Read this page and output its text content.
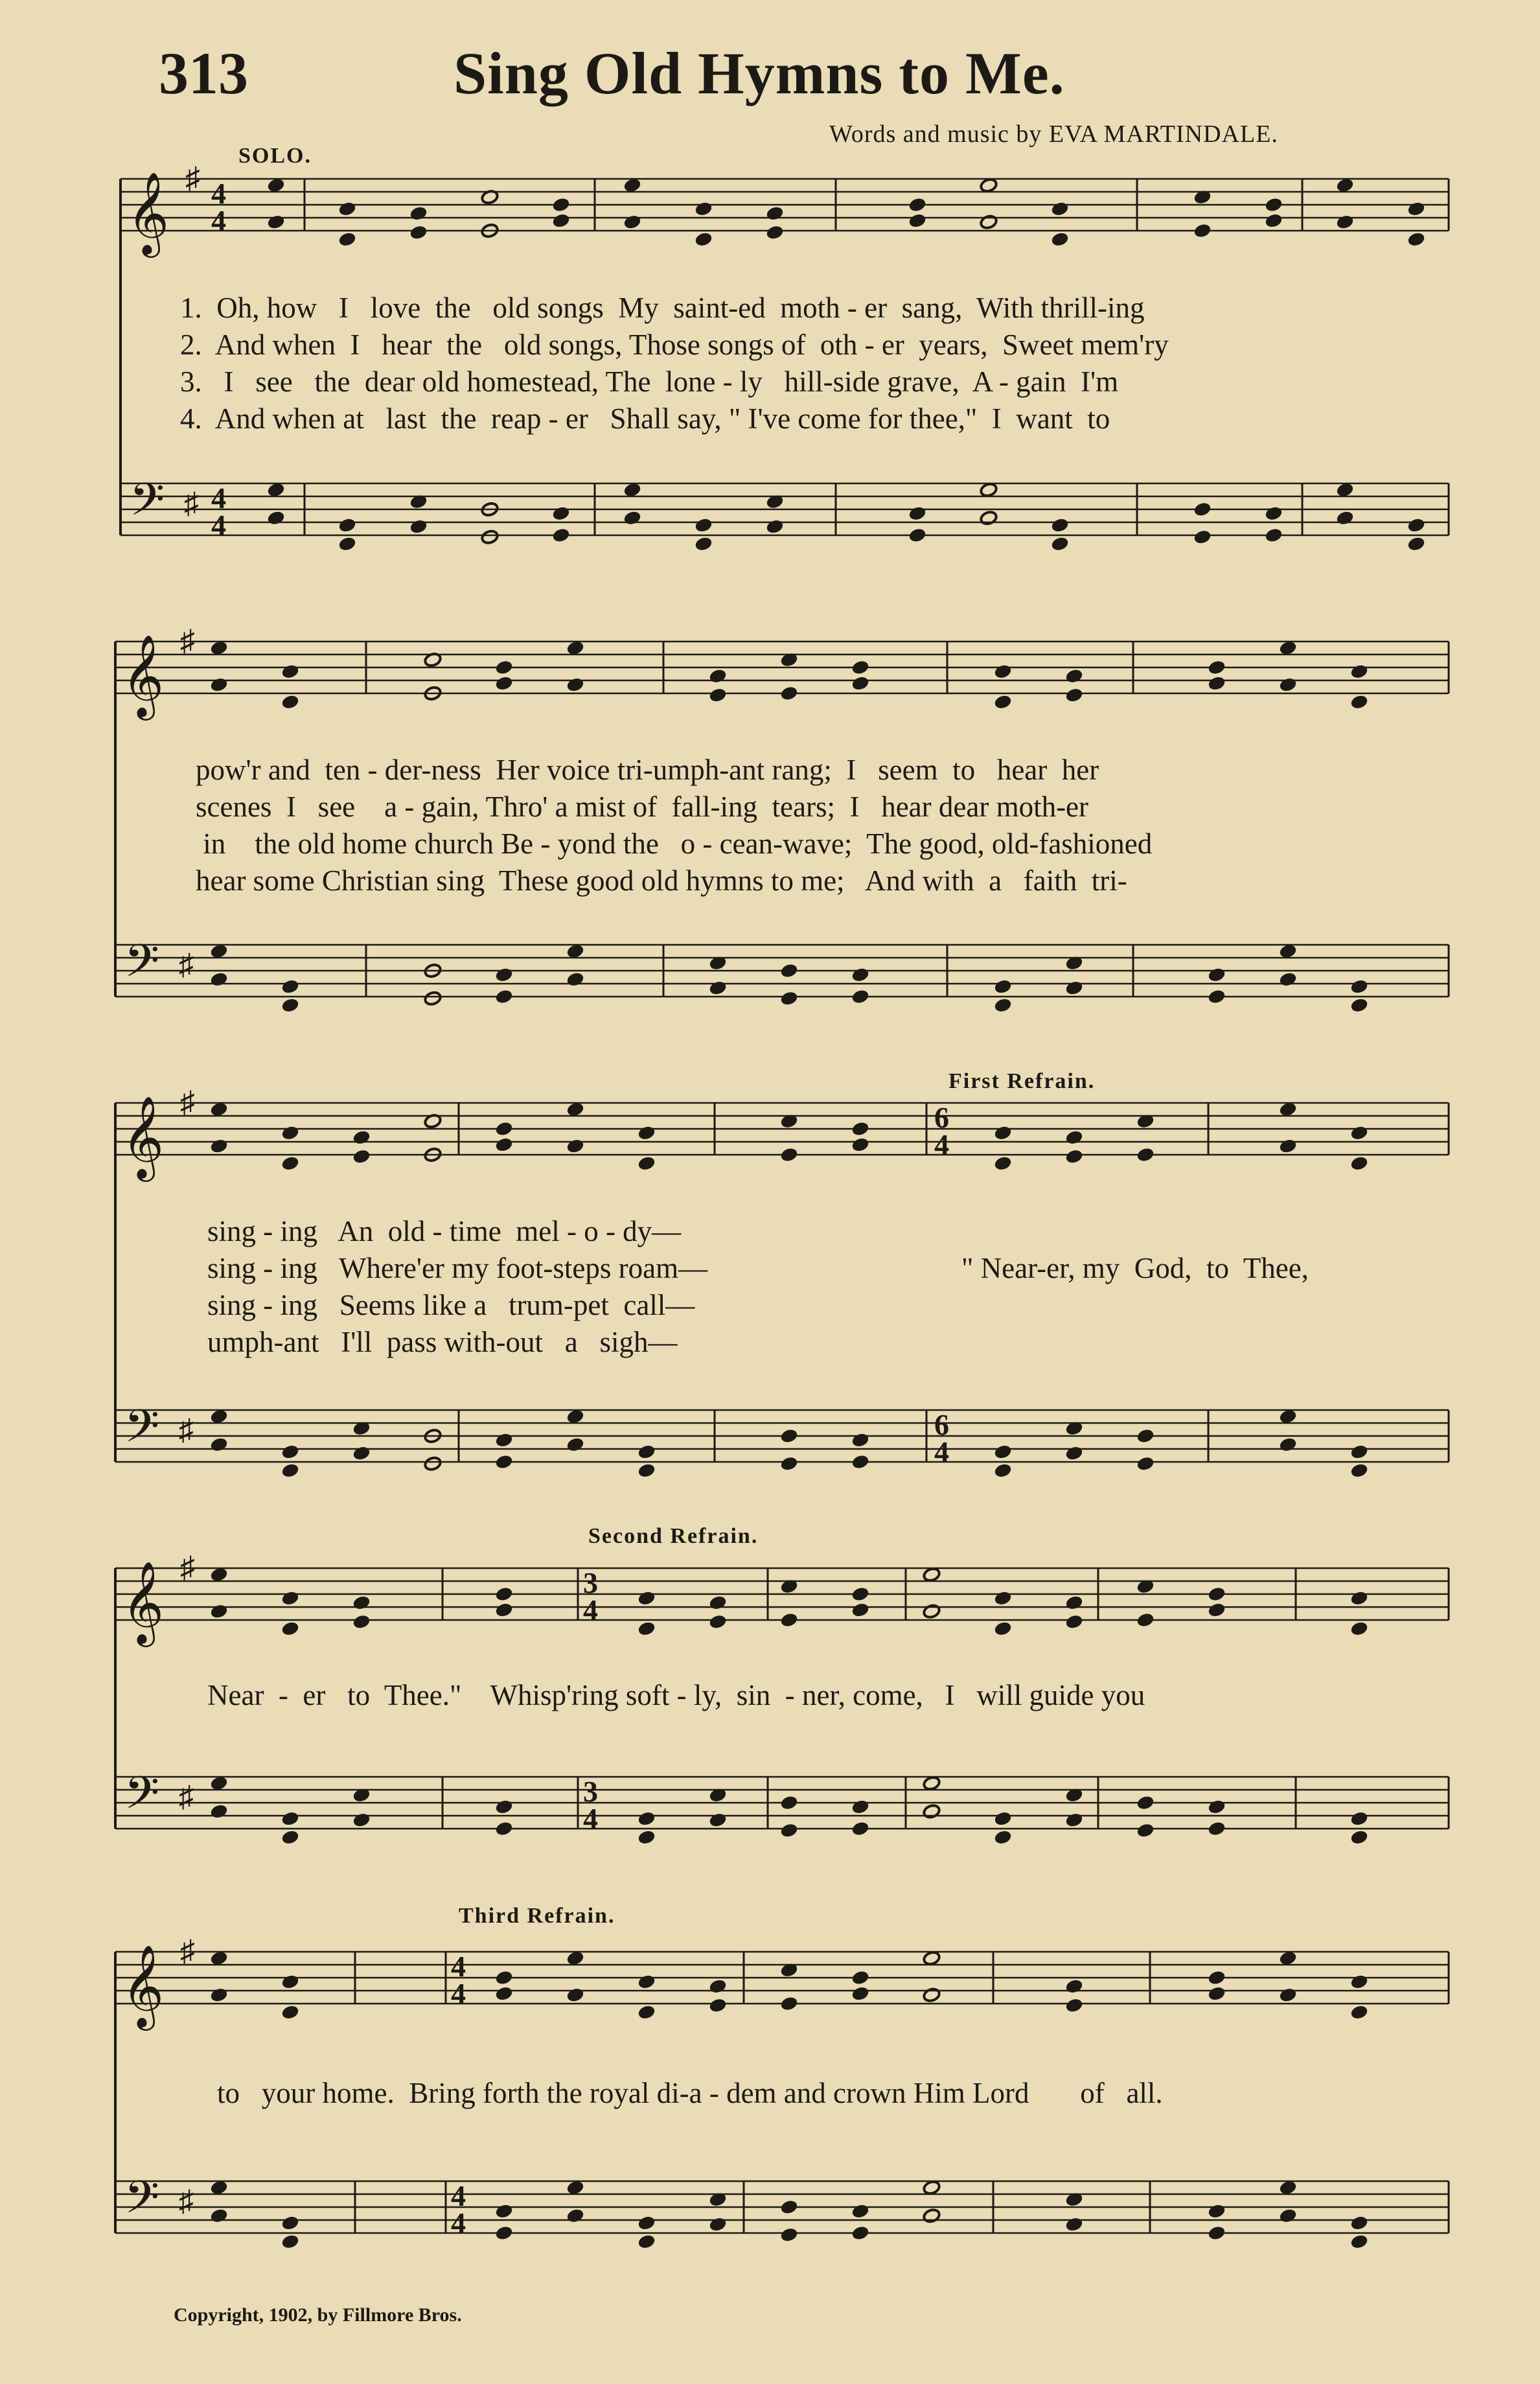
313	Sing Old Hymns to Me.
Words and music by EVA MARTINDALE.
𝄞
𝄢
♯
♯
4
4
4
4
𝄞
𝄢
♯
♯
𝄞
𝄢
♯
♯
6
4
6
4
𝄞
𝄢
♯
♯
3
4
3
4
𝄞
𝄢
♯
♯
4
4
4
4
SOLO.
First Refrain.
Second Refrain.
Third Refrain.
1.  Oh, how   I   love  the   old songs  My  saint-ed  moth - er  sang,  With thrill-ing
2.  And when  I   hear  the   old songs, Those songs of  oth - er  years,  Sweet mem'ry
3.   I   see   the  dear old homestead, The  lone - ly   hill-side grave,  A - gain  I'm
4.  And when at   last  the  reap - er   Shall say, " I've come for thee,"  I  want  to
pow'r and  ten - der-ness  Her voice tri-umph-ant rang;  I   seem  to   hear  her
scenes  I   see    a - gain, Thro' a mist of  fall-ing  tears;  I   hear dear moth-er
in    the old home church Be - yond the   o - cean-wave;  The good, old-fashioned
hear some Christian sing  These good old hymns to me;   And with  a   faith  tri-
sing - ing   An  old - time  mel - o - dy—
sing - ing   Where'er my foot-steps roam—
sing - ing   Seems like a   trum-pet  call—
umph-ant   I'll  pass with-out   a   sigh—
" Near-er, my  God,  to  Thee,
Near  -  er   to  Thee."    Whisp'ring soft - ly,  sin  - ner, come,   I   will guide you
to   your home.  Bring forth the royal di-a - dem and crown Him Lord       of   all.
Copyright, 1902, by Fillmore Bros.
